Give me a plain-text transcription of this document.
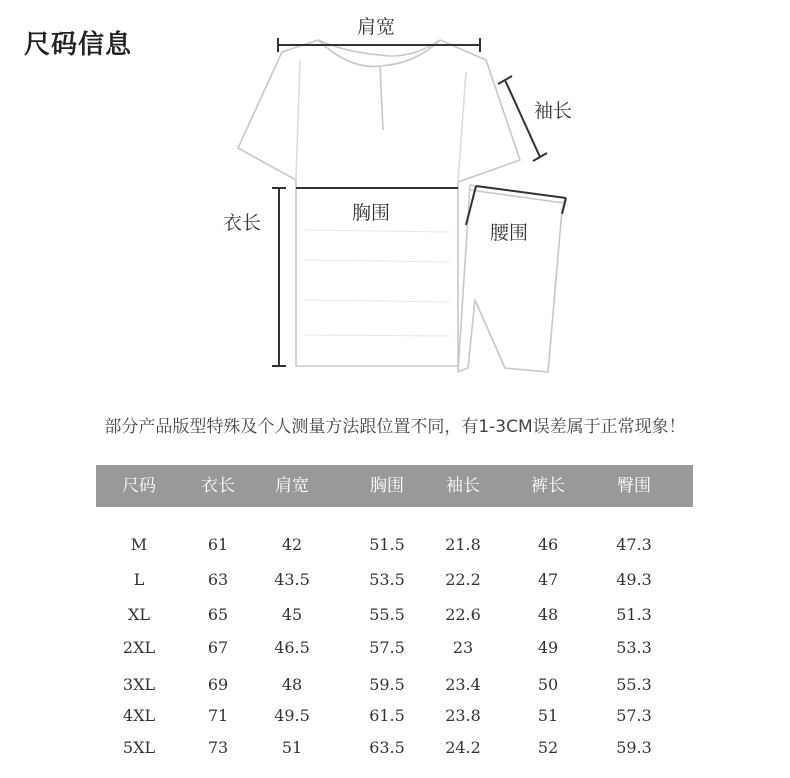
尺码信息
肩宽
袖长
衣长	胸围
腰围
部分产品版型特殊及个人测量方法跟位置不同，有1-3CM误差属于正常现象！
尺码	衣长	肩宽	胸围	袖长	裤长	臀围
M	61	42	51.5	21.8	46	47.3
L	63	43.5	53.5	22.2	47	49.3
XL	65	45	55.5	22.6	48	51.3
2XL	67	46.5	57.5	23	49	53.3
3XL	69	48	59.5	23.4	50	55.3
4XL	71	49.5	61.5	23.8	51	57.3
5XL	73	51	63.5	24.2	52	59.3
